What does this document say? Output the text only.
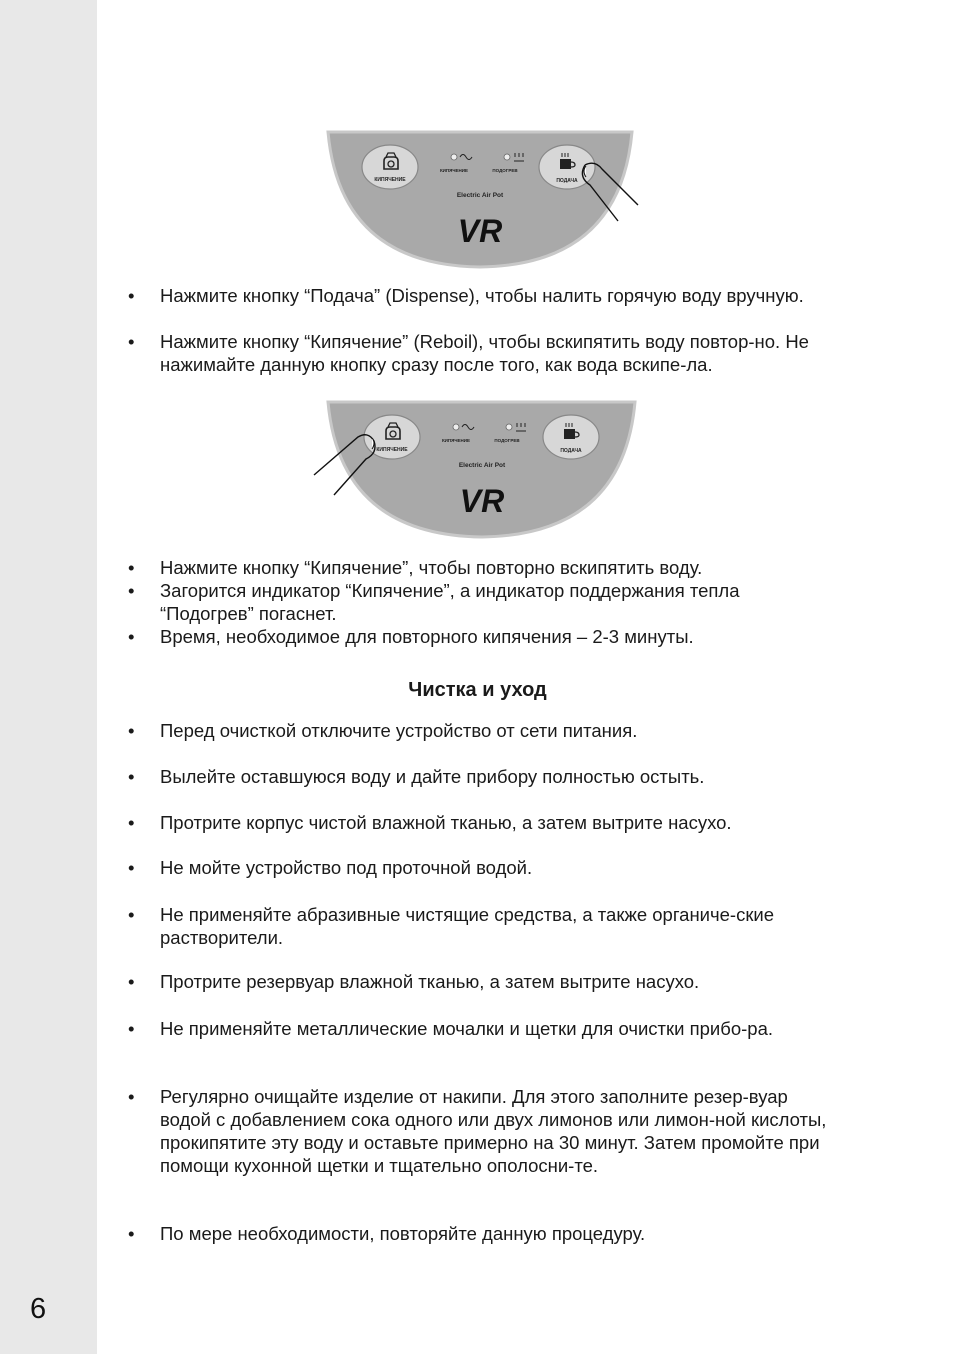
6
КИПЯЧЕНИЕ	ПОДАЧА
КИПЯЧЕНИЕ	ПОДОГРЕВ
Electric Air Pot
VR
КИПЯЧЕНИЕ	ПОДАЧА
КИПЯЧЕНИЕ	ПОДОГРЕВ
Electric Air Pot
VR

• Нажмите кнопку “Подача” (Dispense), чтобы налить горячую воду вручную.

• Нажмите кнопку “Кипячение” (Reboil), чтобы вскипятить воду повтор-но. Не нажимайте данную кнопку сразу после того, как вода вскипе-ла.

• Нажмите кнопку “Кипячение”, чтобы повторно вскипятить воду.

• Загорится индикатор “Кипячение”, а индикатор поддержания тепла “Подогрев” погаснет.

• Время, необходимое для повторного кипячения – 2-3 минуты.

Чистка и уход

• Перед очисткой отключите устройство от сети питания.

• Вылейте оставшуюся воду и дайте прибору полностью остыть.

• Протрите корпус чистой влажной тканью, а затем вытрите насухо.

• Не мойте устройство под проточной водой.

• Не применяйте абразивные чистящие средства, а также органиче-ские растворители.

• Протрите резервуар влажной тканью, а затем вытрите насухо.

• Не применяйте металлические мочалки и щетки для очистки прибо-ра.

• Регулярно очищайте изделие от накипи. Для этого заполните резер-вуар водой с добавлением сока одного или двух лимонов или лимон-ной кислоты, прокипятите эту воду и оставьте примерно на 30 минут. Затем промойте при помощи кухонной щетки и тщательно ополосни-те.

• По мере необходимости, повторяйте данную процедуру.
